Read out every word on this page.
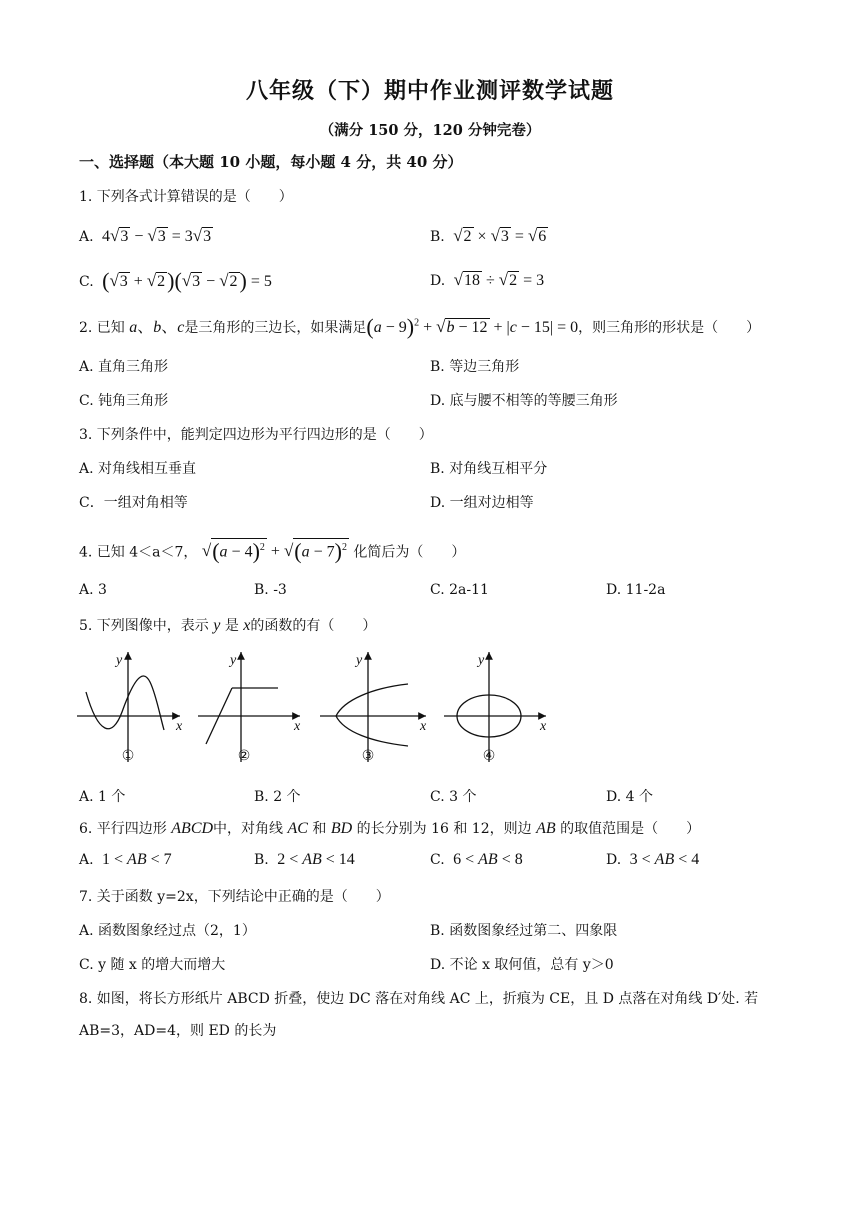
八年级（下）期中作业测评数学试题
（满分 150 分，120 分钟完卷）
一、选择题（本大题 10 小题，每小题 4 分，共 40 分）
1. 下列各式计算错误的是（　　）
A.  4√3 − √3 = 3√3	B. √2 × √3 = √6
C. (√3 + √2)(√3 − √2) = 5	D. √18 ÷ √2 = 3
2. 已知 a、b、c是三角形的三边长，如果满足$(a - 9)^2 + √b - 12 + |c - 15| = 0$，则三角形的形状是（　　）
A. 直角三角形	B. 等边三角形
C. 钝角三角形	D. 底与腰不相等的等腰三角形
3. 下列条件中，能判定四边形为平行四边形的是（　　）
A. 对角线相互垂直	B. 对角线互相平分
C．一组对角相等	D. 一组对边相等
4. 已知 4＜a＜7， $√(a - 4)^2 + √(a - 7)^2$ 化简后为（　　）
A. 3	B. -3	C. 2a-11	D. 11-2a
5. 下列图像中，表示 y 是 x的函数的有（　　）
y
x
y
x
y
x
y
x
①	②	③	④
A. 1 个	B. 2 个	C. 3 个	D. 4 个
6. 平行四边形 ABCD中，对角线 AC 和 BD 的长分别为 16 和 12，则边 AB 的取值范围是（　　）
A.  1 < AB < 7	B.  2 < AB < 14	C.  6 < AB < 8	D.  3 < AB < 4
7. 关于函数 y=2x，下列结论中正确的是（　　）
A. 函数图象经过点（2，1）	B. 函数图象经过第二、四象限
C. y 随 x 的增大而增大	D. 不论 x 取何值，总有 y＞0
8. 如图，将长方形纸片 ABCD 折叠，使边 DC 落在对角线 AC 上，折痕为 CE，且 D 点落在对角线 D′处. 若
AB=3，AD=4，则 ED 的长为
